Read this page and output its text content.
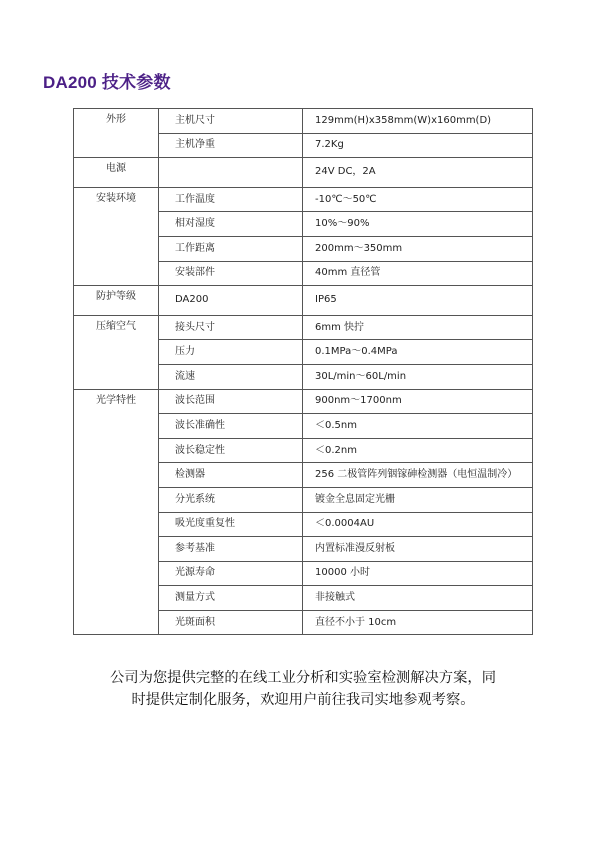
DA200 技术参数
外形	主机尺寸	129mm(H)x358mm(W)x160mm(D)
	主机净重	7.2Kg
电源		24V DC，2A
安装环境	工作温度	-10℃～50℃
	相对湿度	10%～90%
	工作距离	200mm～350mm
	安装部件	40mm 直径管
防护等级	DA200	IP65
压缩空气	接头尺寸	6mm 快拧
	压力	0.1MPa～0.4MPa
	流速	30L/min～60L/min
光学特性	波长范围	900nm～1700nm
	波长准确性	＜0.5nm
	波长稳定性	＜0.2nm
	检测器	256 二极管阵列铟镓砷检测器（电恒温制冷）
	分光系统	镀金全息固定光栅
	吸光度重复性	＜0.0004AU
	参考基准	内置标准漫反射板
	光源寿命	10000 小时
	测量方式	非接触式
	光斑面积	直径不小于 10cm

公司为您提供完整的在线工业分析和实验室检测解决方案，同
时提供定制化服务，欢迎用户前往我司实地参观考察。
